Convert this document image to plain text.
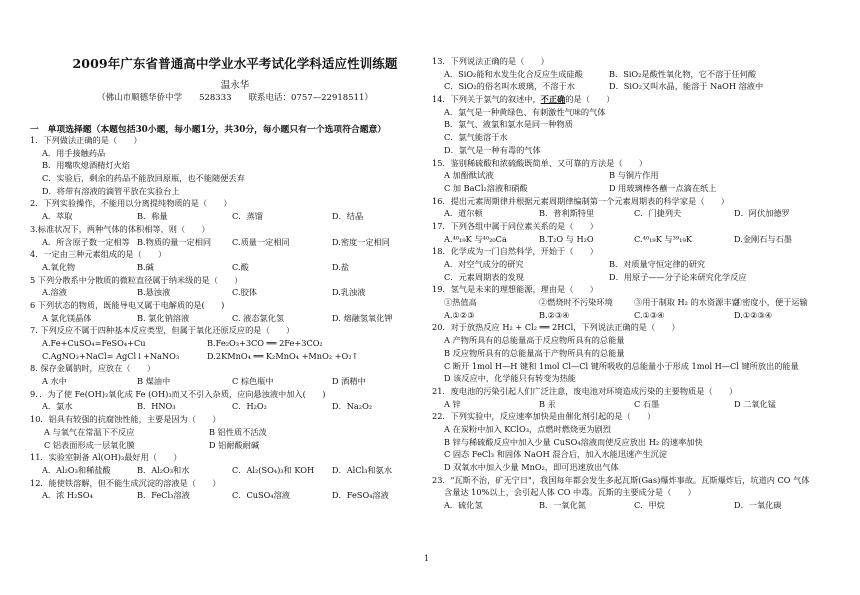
2009年广东省普通高中学业水平考试化学科适应性训练题
温永华
（佛山市顺德华侨中学　　528333　　联系电话：0757—22918511）
一　单项选择题（本题包括30小题，每小题1分，共30分，每小题只有一个选项符合题意）
1．下列做法正确的是（　　）
A．用手接触药品
B．用嘴吹熄酒精灯火焰
C．实验后，剩余的药品不能放回原瓶，也不能随便丢弃
D．将带有溶液的滴管平放在实验台上
2．下列实验操作，不能用以分离提纯物质的是（　　）
A．萃取	B．称量	C．蒸馏	D．结晶
3.标准状况下，两种气体的体积相等，则（　　）
A．所含原子数一定相等 B.物质的量一定相同	C.质量一定相同	D.密度一定相同
4．一定由三种元素组成的是（　　）
A.氧化物	B.碱	C.酸	D.盐
5 下列分散系中分散质的微粒直径属于纳米级的是（　　）
A.溶液	B.悬浊液	C.胶体	D.乳浊液
6 下列状态的物质，既能导电又属于电解质的是(　　)
A 氯化镁晶体	B. 氯化钠溶液	C. 液态氯化氢	D. 熔融氢氧化钾
7. 下列反应不属于四种基本反应类型，但属于氧化还原反应的是（　　）
A.Fe+CuSO₄=FeSO₄+Cu	B.Fe₂O₃+3CO ══ 2Fe+3CO₂
C.AgNO₃+NaCl= AgCl↓+NaNO₃	D.2KMnO₄ ══ K₂MnO₄ +MnO₂ +O₂↑
8. 保存金属钠时，应放在（　　）
A 水中	B 煤油中	C 棕色瓶中	D 酒精中
9．．为了使 Fe(OH)₂氧化成 Fe (OH)₃而又不引入杂质，应向悬浊液中加入(　　)
A．氯水	B．HNO₃	C．H₂O₂	D．Na₂O₂
10．铝具有较强的抗腐蚀性能，主要是因为（　　）
A 与氧气在常温下不反应	B 铝性质不活泼
C 铝表面形成一层氧化膜	D 铝耐酸耐碱
11．实验室制备 Al(OH)₃最好用（　　）
A．Al₂O₃和稀盐酸	B．Al₂O₃和水	C．Al₂(SO₄)₃和 KOH D．AlCl₃和氨水
12．能使铁溶解，但不能生成沉淀的溶液是（　　）
A．浓 H₂SO₄	B．FeCl₃溶液	C．CuSO₄溶液	D．FeSO₄溶液
13．下列说法正确的是（　　）
A．SiO₂能和水发生化合反应生成硅酸	B．SiO₂是酸性氧化物，它不溶于任何酸
C．SiO₂的俗名叫水玻璃，不溶于水	D．SiO₂又叫水晶，能溶于 NaOH 溶液中
14．下列关于氯气的叙述中，不正确的是（　　）
A．氯气是一种黄绿色、有刺激性气味的气体
B．氯气、液氯和氯水是同一种物质
C．氯气能溶于水
D．氯气是一种有毒的气体
15．鉴别稀硫酸和浓硫酸既简单、又可靠的方法是（　　）
A 加酚酞试液	B 与铜片作用
C 加 BaCl₂溶液和硝酸	D 用玻璃棒各蘸一点滴在纸上
16．提出元素周期律并根据元素周期律编制第一个元素周期表的科学家是（　　）
A．道尔顿	B．普利斯特里	C．门捷列夫	D．阿伏加德罗
17．下列各组中属于同位素关系的是（　　）
A.⁴⁰₁₉K 与⁴⁰₂₀Ca	B.T₂O 与 H₂O	C.⁴⁰₁₉K 与³⁹₁₉K	D.金刚石与石墨
18．化学成为一门自然科学，开始于（　　）
A．对空气成分的研究	B．对质量守恒定律的研究
C．元素周期表的发现	D．用原子——分子论来研究化学反应
19．氢气是未来的理想能源，理由是（　　）
①热值高	②燃烧时不污染环境	③用于制取 H₂ 的水资源丰富
④密度小，便于运输
A.①②③	B.②③④	C.①③④	D.①②③④
20．对于放热反应 H₂ + Cl₂ ══ 2HCl，下列说法正确的是（　　）
A 产物所具有的总能量高于反应物所具有的总能量
B 反应物所具有的总能量高于产物所具有的总能量
C 断开 1mol H—H 键和 1mol Cl—Cl 键所吸收的总能量小于形成 1mol H—Cl 键所放出的能量
D 该反应中，化学能只有转变为热能
21．废电池的污染引起人们广泛注意，废电池对环境造成污染的主要物质是（　　）
A 锌	B 汞	C 石墨	D 二氧化锰
22．下列实验中，反应速率加快是由催化剂引起的是（　　）
A 在炭粉中加入 KClO₃，点燃时燃烧更为剧烈
B 锌与稀硫酸反应中加入少量 CuSO₄溶液而使反应放出 H₂ 的速率加快
C 固态 FeCl₃ 和固体 NaOH 混合后，加入水能迅速产生沉淀
D 双氧水中加入少量 MnO₂，即可迅速放出气体
23．"瓦斯不治，矿无宁日"，我国每年都会发生多起瓦斯(Gas)爆炸事故。瓦斯爆炸后，坑道内 CO 气体
含量达 10%以上，会引起人体 CO 中毒。瓦斯的主要成分是（　　）
A．硫化氢	B．一氧化氮	C．甲烷	D．一氧化碳
1
